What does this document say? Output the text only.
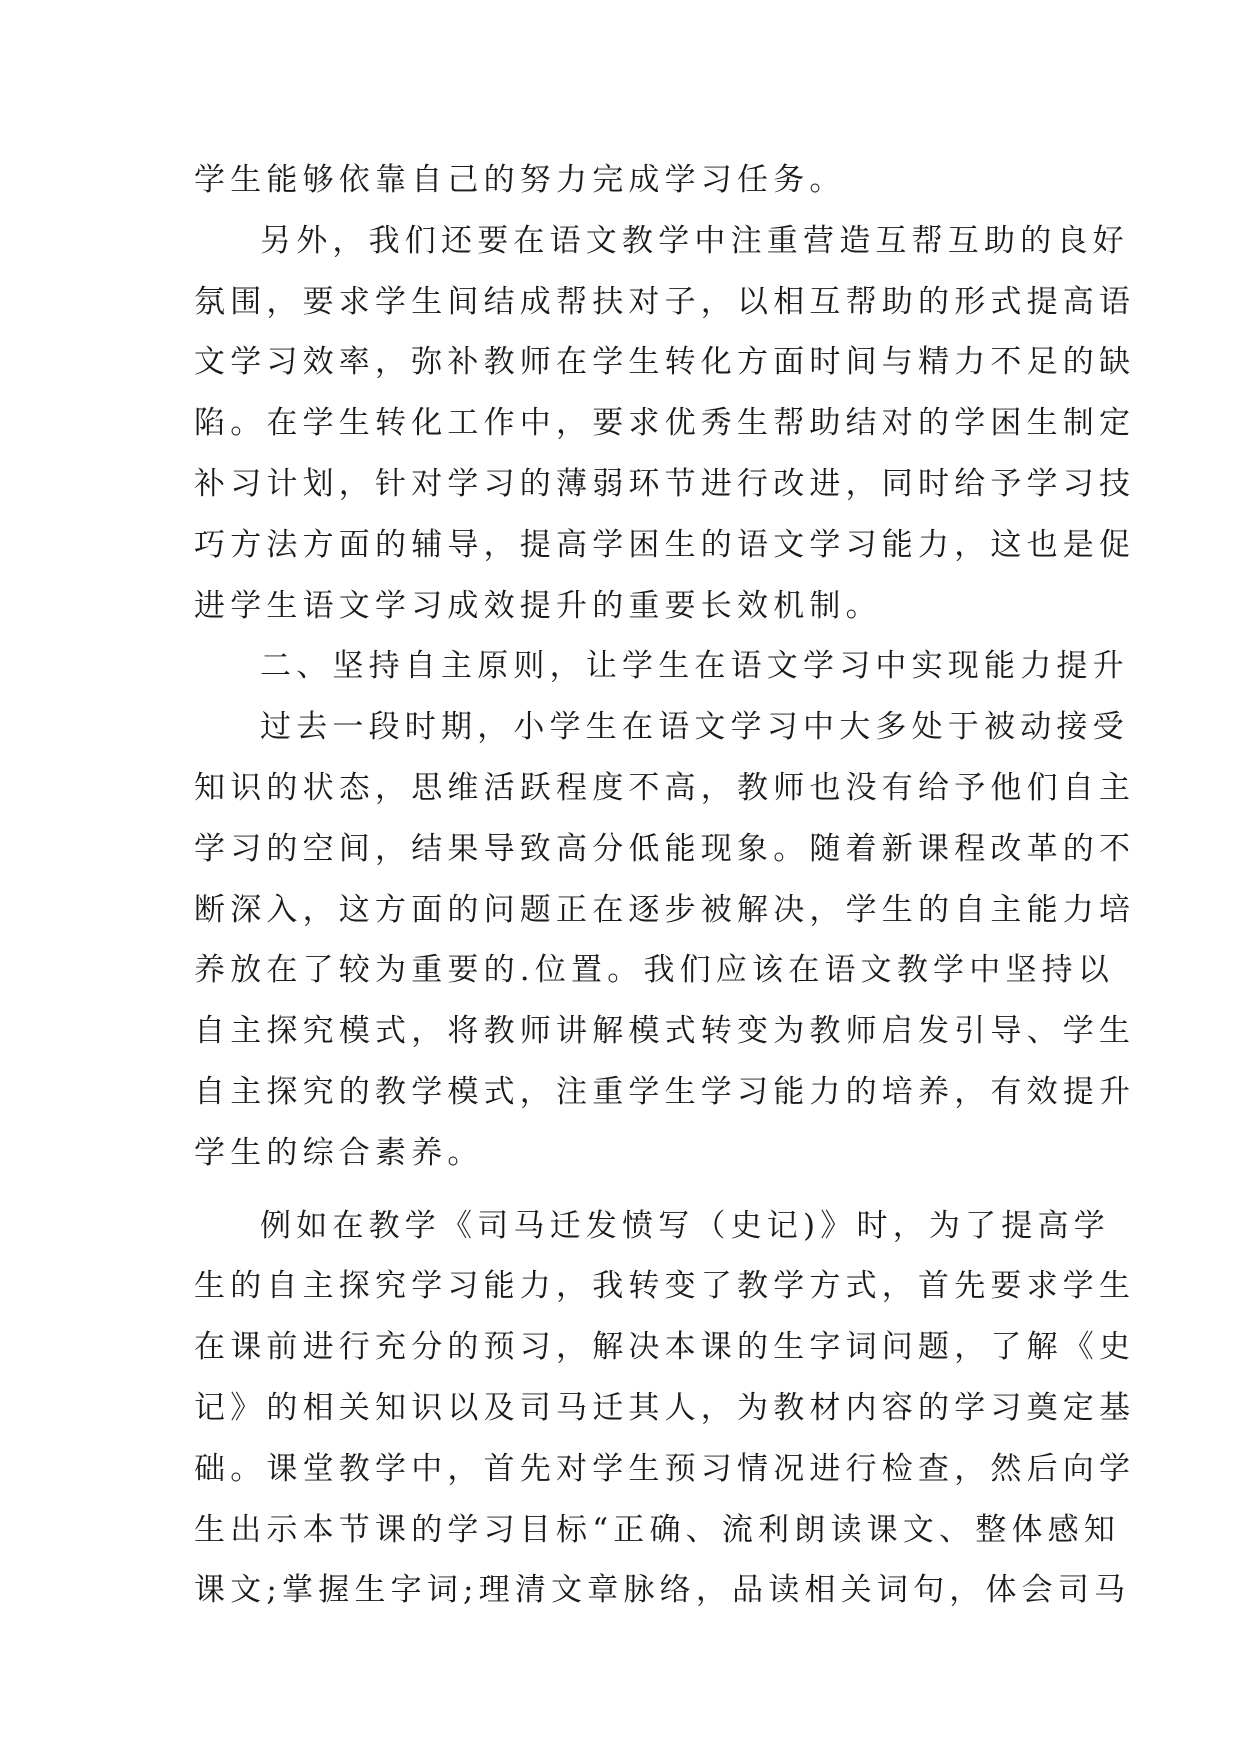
学生能够依靠自己的努力完成学习任务。
另外，我们还要在语文教学中注重营造互帮互助的良好
氛围，要求学生间结成帮扶对子，以相互帮助的形式提高语
文学习效率，弥补教师在学生转化方面时间与精力不足的缺
陷。在学生转化工作中，要求优秀生帮助结对的学困生制定
补习计划，针对学习的薄弱环节进行改进，同时给予学习技
巧方法方面的辅导，提高学困生的语文学习能力，这也是促
进学生语文学习成效提升的重要长效机制。
二、坚持自主原则，让学生在语文学习中实现能力提升
过去一段时期，小学生在语文学习中大多处于被动接受
知识的状态，思维活跃程度不高，教师也没有给予他们自主
学习的空间，结果导致高分低能现象。随着新课程改革的不
断深入，这方面的问题正在逐步被解决，学生的自主能力培
养放在了较为重要的.位置。我们应该在语文教学中坚持以
自主探究模式，将教师讲解模式转变为教师启发引导、学生
自主探究的教学模式，注重学生学习能力的培养，有效提升
学生的综合素养。
例如在教学《司马迁发愤写（史记)》时，为了提高学
生的自主探究学习能力，我转变了教学方式，首先要求学生
在课前进行充分的预习，解决本课的生字词问题，了解《史
记》的相关知识以及司马迁其人，为教材内容的学习奠定基
础。课堂教学中，首先对学生预习情况进行检查，然后向学
生出示本节课的学习目标“正确、流利朗读课文、整体感知
课文;掌握生字词;理清文章脉络，品读相关词句，体会司马
